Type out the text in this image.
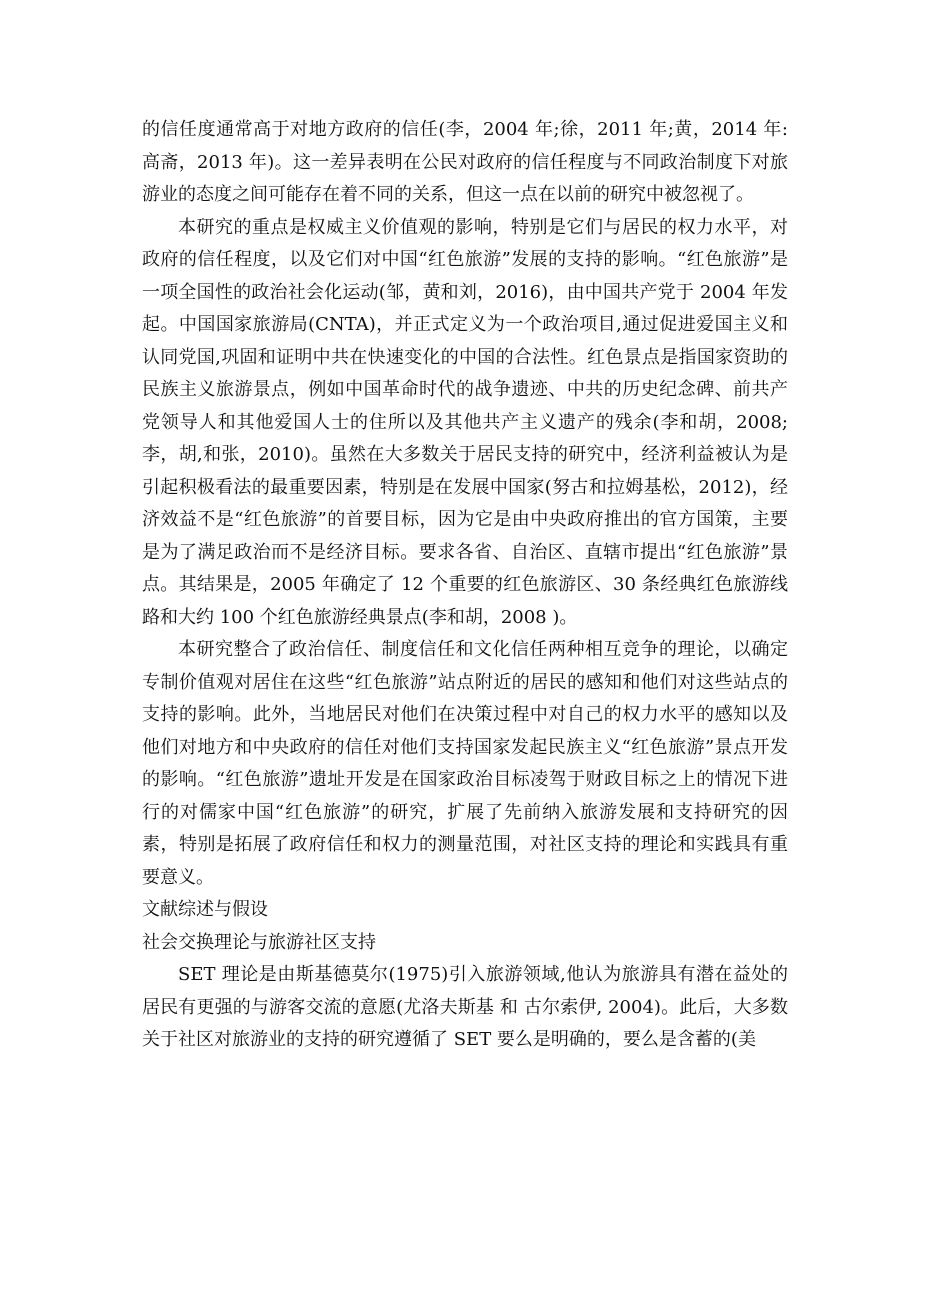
的信任度通常高于对地方政府的信任(李，2004 年;徐，2011 年;黄，2014 年:高斋，2013 年)。这一差异表明在公民对政府的信任程度与不同政治制度下对旅游业的态度之间可能存在着不同的关系，但这一点在以前的研究中被忽视了。

本研究的重点是权威主义价值观的影响，特别是它们与居民的权力水平，对政府的信任程度，以及它们对中国“红色旅游”发展的支持的影响。“红色旅游”是一项全国性的政治社会化运动(邹，黄和刘，2016)，由中国共产党于 2004 年发起。中国国家旅游局(CNTA)，并正式定义为一个政治项目,通过促进爱国主义和认同党国,巩固和证明中共在快速变化的中国的合法性。红色景点是指国家资助的民族主义旅游景点，例如中国革命时代的战争遗迹、中共的历史纪念碑、前共产党领导人和其他爱国人士的住所以及其他共产主义遗产的残余(李和胡，2008;李，胡,和张，2010)。虽然在大多数关于居民支持的研究中，经济利益被认为是引起积极看法的最重要因素，特别是在发展中国家(努古和拉姆基松，2012)，经济效益不是“红色旅游”的首要目标，因为它是由中央政府推出的官方国策，主要是为了满足政治而不是经济目标。要求各省、自治区、直辖市提出“红色旅游”景点。其结果是，2005 年确定了 12 个重要的红色旅游区、30 条经典红色旅游线路和大约 100 个红色旅游经典景点(李和胡，2008 )。

本研究整合了政治信任、制度信任和文化信任两种相互竞争的理论，以确定专制价值观对居住在这些“红色旅游”站点附近的居民的感知和他们对这些站点的支持的影响。此外，当地居民对他们在决策过程中对自己的权力水平的感知以及他们对地方和中央政府的信任对他们支持国家发起民族主义“红色旅游”景点开发的影响。“红色旅游”遗址开发是在国家政治目标凌驾于财政目标之上的情况下进行的对儒家中国“红色旅游”的研究，扩展了先前纳入旅游发展和支持研究的因素，特别是拓展了政府信任和权力的测量范围，对社区支持的理论和实践具有重要意义。

文献综述与假设

社会交换理论与旅游社区支持

SET 理论是由斯基德莫尔(1975)引入旅游领域,他认为旅游具有潜在益处的居民有更强的与游客交流的意愿(尤洛夫斯基 和 古尔索伊, 2004)。此后，大多数关于社区对旅游业的支持的研究遵循了 SET 要么是明确的，要么是含蓄的(美
